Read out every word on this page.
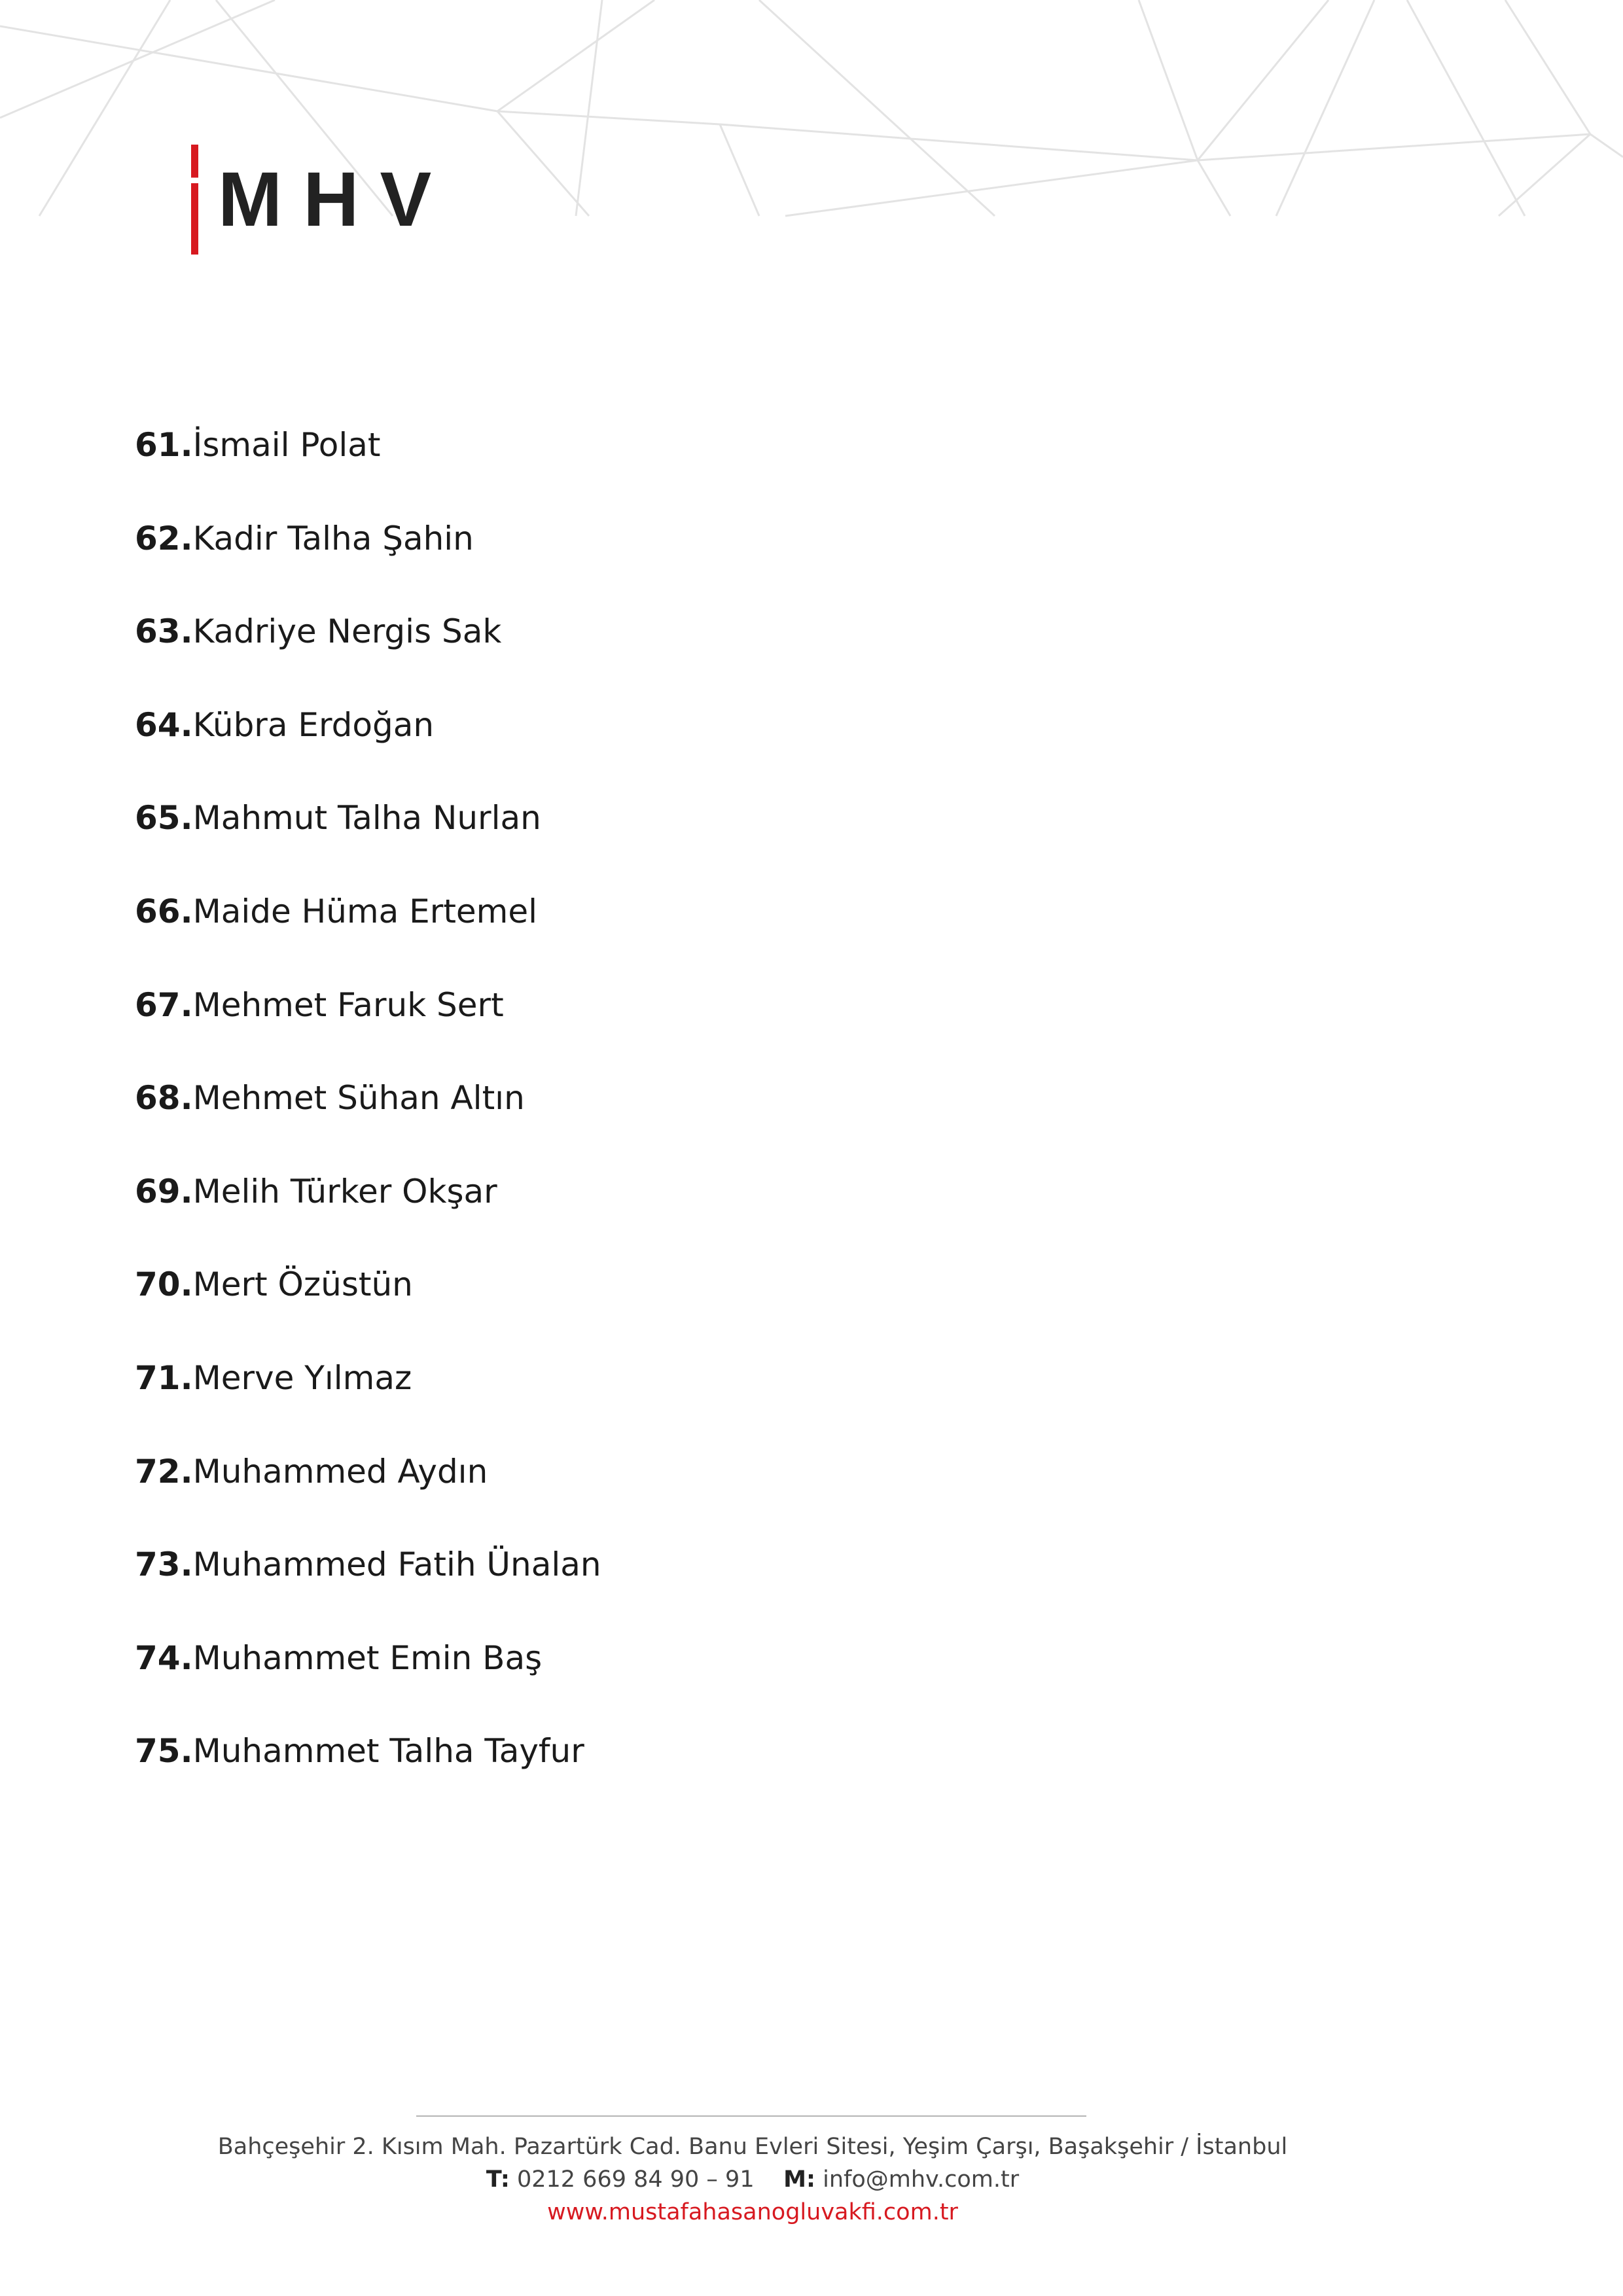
MHV
61.İsmail Polat
62.Kadir Talha Şahin
63.Kadriye Nergis Sak
64.Kübra Erdoğan
65.Mahmut Talha Nurlan
66.Maide Hüma Ertemel
67.Mehmet Faruk Sert
68.Mehmet Sühan Altın
69.Melih Türker Okşar
70.Mert Özüstün
71.Merve Yılmaz
72.Muhammed Aydın
73.Muhammed Fatih Ünalan
74.Muhammet Emin Baş
75.Muhammet Talha Tayfur
Bahçeşehir 2. Kısım Mah. Pazartürk Cad. Banu Evleri Sitesi, Yeşim Çarşı, Başakşehir / İstanbul
T: 0212 669 84 90 – 91 M: info@mhv.com.tr
www.mustafahasanogluvakfi.com.tr
